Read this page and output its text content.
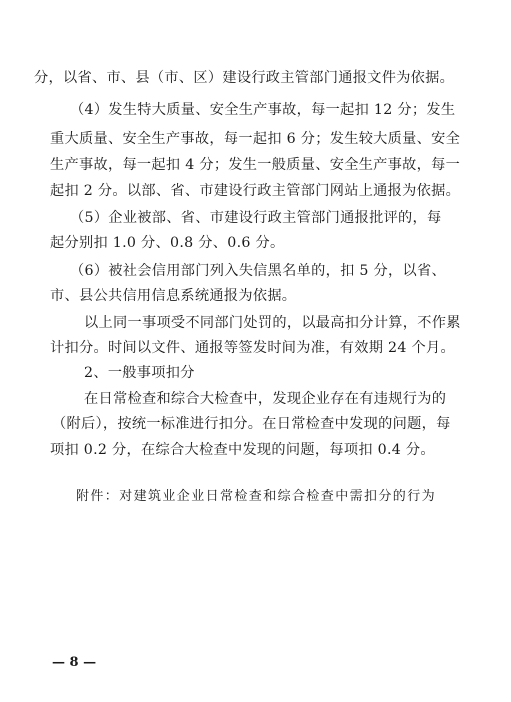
分，以省、市、县（市、区）建设行政主管部门通报文件为依据。
（4）发生特大质量、安全生产事故，每一起扣 12 分；发生
重大质量、安全生产事故，每一起扣 6 分；发生较大质量、安全
生产事故，每一起扣 4 分；发生一般质量、安全生产事故，每一
起扣 2 分。以部、省、市建设行政主管部门网站上通报为依据。
（5）企业被部、省、市建设行政主管部门通报批评的，每
起分别扣 1.0 分、0.8 分、0.6 分。
（6）被社会信用部门列入失信黑名单的，扣 5 分，以省、
市、县公共信用信息系统通报为依据。
以上同一事项受不同部门处罚的，以最高扣分计算，不作累
计扣分。时间以文件、通报等签发时间为准，有效期 24 个月。
2、一般事项扣分
在日常检查和综合大检查中，发现企业存在有违规行为的
（附后），按统一标准进行扣分。在日常检查中发现的问题，每
项扣 0.2 分，在综合大检查中发现的问题，每项扣 0.4 分。
附件：对建筑业企业日常检查和综合检查中需扣分的行为
— 8 —
